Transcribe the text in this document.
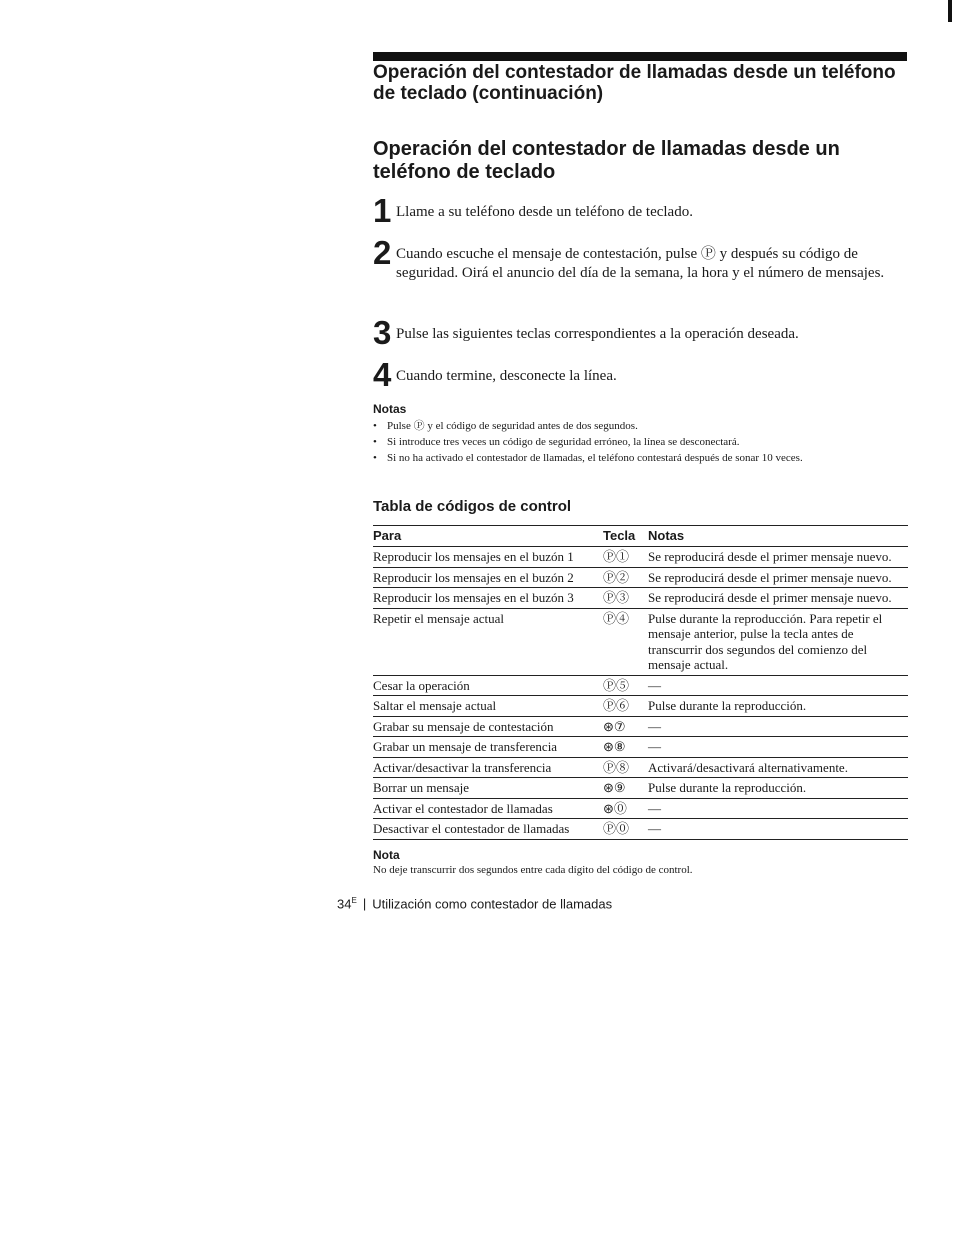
Operación del contestador de llamadas desde un teléfono de teclado (continuación)
Operación del contestador de llamadas desde un teléfono de teclado
1 Llame a su teléfono desde un teléfono de teclado.
2 Cuando escuche el mensaje de contestación, pulse Ⓟ y después su código de seguridad. Oirá el anuncio del día de la semana, la hora y el número de mensajes.
3 Pulse las siguientes teclas correspondientes a la operación deseada.
4 Cuando termine, desconecte la línea.
Notas
• Pulse Ⓟ y el código de seguridad antes de dos segundos.
• Si introduce tres veces un código de seguridad erróneo, la línea se desconectará.
• Si no ha activado el contestador de llamadas, el teléfono contestará después de sonar 10 veces.
Tabla de códigos de control
Para	Tecla	Notas
Reproducir los mensajes en el buzón 1	Ⓟ①	Se reproducirá desde el primer mensaje nuevo.
Reproducir los mensajes en el buzón 2	Ⓟ②	Se reproducirá desde el primer mensaje nuevo.
Reproducir los mensajes en el buzón 3	Ⓟ③	Se reproducirá desde el primer mensaje nuevo.
Repetir el mensaje actual	Ⓟ④	Pulse durante la reproducción. Para repetir el mensaje anterior, pulse la tecla antes de transcurrir dos segundos del comienzo del mensaje actual.
Cesar la operación	Ⓟ⑤	—
Saltar el mensaje actual	Ⓟ⑥	Pulse durante la reproducción.
Grabar su mensaje de contestación	⊛⑦	—
Grabar un mensaje de transferencia	⊛⑧	—
Activar/desactivar la transferencia	Ⓟ⑧	Activará/desactivará alternativamente.
Borrar un mensaje	⊛⑨	Pulse durante la reproducción.
Activar el contestador de llamadas	⊛⓪	—
Desactivar el contestador de llamadas	Ⓟ⓪	—
Nota
No deje transcurrir dos segundos entre cada dígito del código de control.
$34^E$ | Utilización como contestador de llamadas
